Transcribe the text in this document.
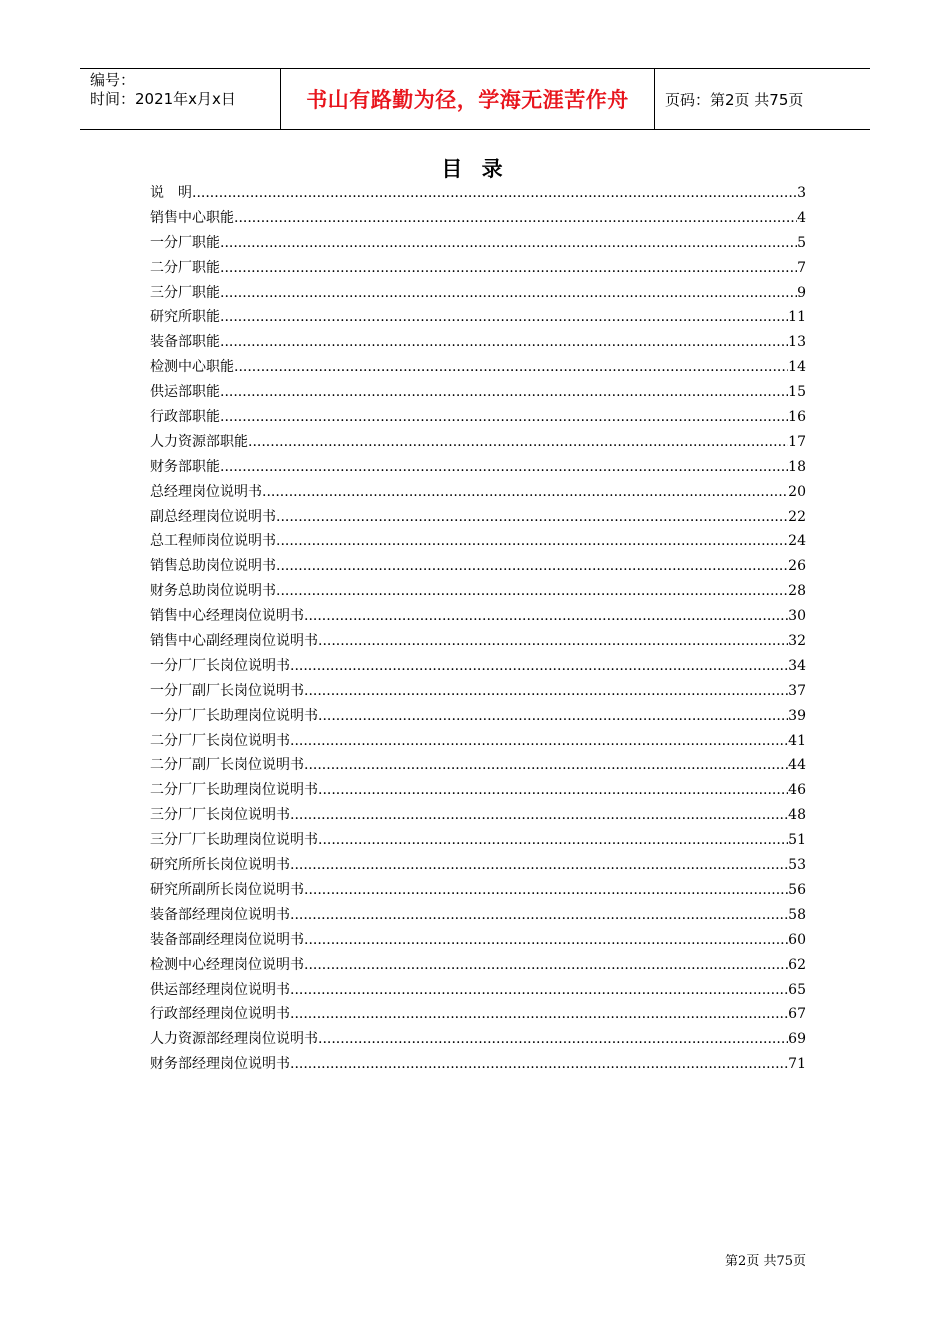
编号：
时间：2021年x月x日	书山有路勤为径，学海无涯苦作舟	页码：第2页 共75页
目 录
说　明 .....	3
销售中心职能 .....	4
一分厂职能 .....	5
二分厂职能 .....	7
三分厂职能 .....	9
研究所职能 .....	11
装备部职能 .....	13
检测中心职能 .....	14
供运部职能 .....	15
行政部职能 .....	16
人力资源部职能 .....	17
财务部职能 .....	18
总经理岗位说明书 .....	20
副总经理岗位说明书 .....	22
总工程师岗位说明书 .....	24
销售总助岗位说明书 .....	26
财务总助岗位说明书 .....	28
销售中心经理岗位说明书 .....	30
销售中心副经理岗位说明书 .....	32
一分厂厂长岗位说明书 .....	34
一分厂副厂长岗位说明书 .....	37
一分厂厂长助理岗位说明书 .....	39
二分厂厂长岗位说明书 .....	41
二分厂副厂长岗位说明书 .....	44
二分厂厂长助理岗位说明书 .....	46
三分厂厂长岗位说明书 .....	48
三分厂厂长助理岗位说明书 .....	51
研究所所长岗位说明书 .....	53
研究所副所长岗位说明书 .....	56
装备部经理岗位说明书 .....	58
装备部副经理岗位说明书 .....	60
检测中心经理岗位说明书 .....	62
供运部经理岗位说明书 .....	65
行政部经理岗位说明书 .....	67
人力资源部经理岗位说明书 .....	69
财务部经理岗位说明书 .....	71
第2页 共75页
